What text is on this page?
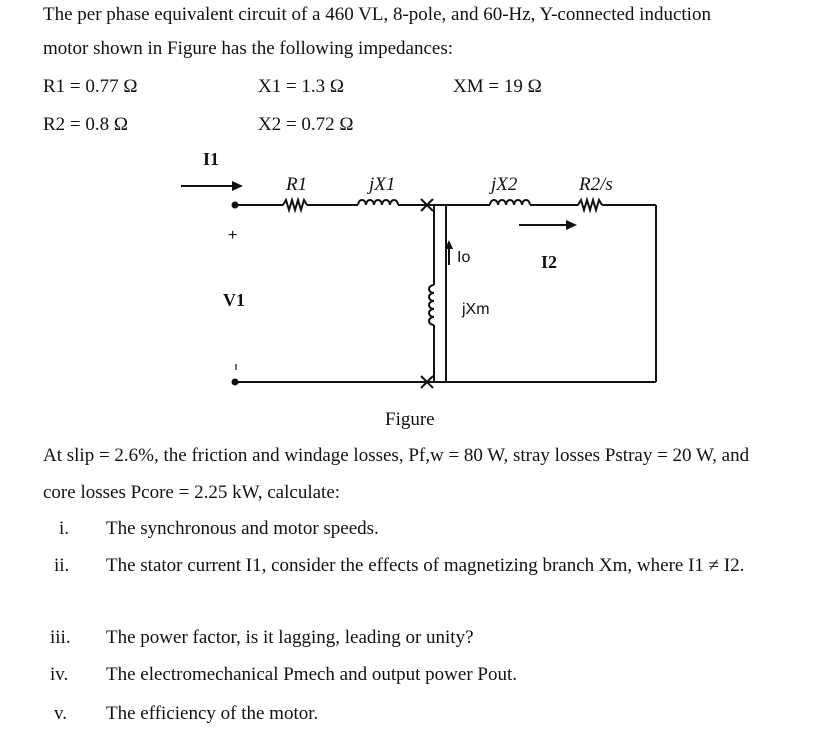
The per phase equivalent circuit of a 460 VL, 8-pole, and 60-Hz, Y-connected induction
motor shown in Figure has the following impedances:
R1 = 0.77 Ω	X1 = 1.3 Ω	XM = 19 Ω
R2 = 0.8 Ω	X2 = 0.72 Ω
I1
+
V1
R1	jX1	jX2	R2/s
Io
jXm
I2
Figure
At slip = 2.6%, the friction and windage losses, Pf,w = 80 W, stray losses Pstray = 20 W, and
core losses Pcore = 2.25 kW, calculate:
i. The synchronous and motor speeds.
ii. The stator current I1, consider the effects of magnetizing branch Xm, where I1 ≠ I2.
iii. The power factor, is it lagging, leading or unity?
iv. The electromechanical Pmech and output power Pout.
v. The efficiency of the motor.
